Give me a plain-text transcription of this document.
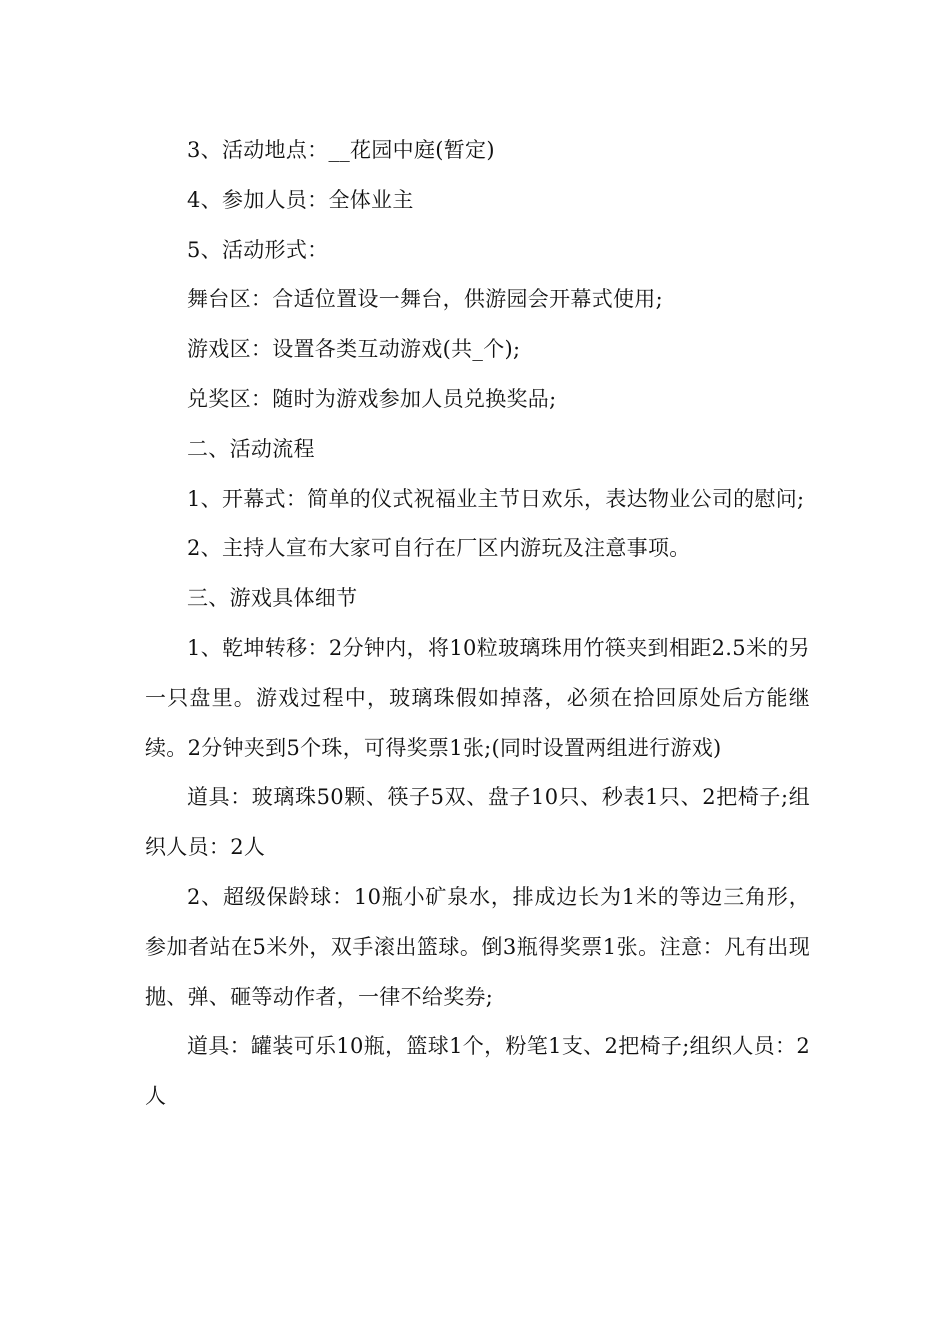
3、活动地点：__花园中庭(暂定)

4、参加人员：全体业主

5、活动形式：

舞台区：合适位置设一舞台，供游园会开幕式使用;

游戏区：设置各类互动游戏(共_个);

兑奖区：随时为游戏参加人员兑换奖品;

二、活动流程

1、开幕式：简单的仪式祝福业主节日欢乐，表达物业公司的慰问;

2、主持人宣布大家可自行在厂区内游玩及注意事项。

三、游戏具体细节

1、乾坤转移：2分钟内，将10粒玻璃珠用竹筷夹到相距2.5米的另一只盘里。游戏过程中，玻璃珠假如掉落，必须在拾回原处后方能继续。2分钟夹到5个珠，可得奖票1张;(同时设置两组进行游戏)

道具：玻璃珠50颗、筷子5双、盘子10只、秒表1只、2把椅子;组织人员：2人

2、超级保龄球：10瓶小矿泉水，排成边长为1米的等边三角形，参加者站在5米外，双手滚出篮球。倒3瓶得奖票1张。注意：凡有出现抛、弹、砸等动作者，一律不给奖券;

道具：罐装可乐10瓶，篮球1个，粉笔1支、2把椅子;组织人员：2人
